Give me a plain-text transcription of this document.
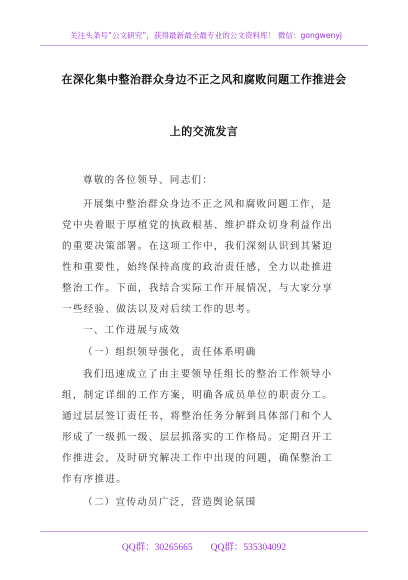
关注头条号“公文研究”，获得最新最全最专业的公文资料库！ 微信：gongwenyj
在深化集中整治群众身边不正之风和腐败问题工作推进会
上的交流发言
尊敬的各位领导、同志们：
开展集中整治群众身边不正之风和腐败问题工作，是
党中央着眼于厚植党的执政根基、维护群众切身利益作出
的重要决策部署。在这项工作中，我们深刻认识到其紧迫
性和重要性，始终保持高度的政治责任感，全力以赴推进
整治工作。下面，我结合实际工作开展情况，与大家分享
一些经验、做法以及对后续工作的思考。
一、工作进展与成效
（一）组织领导强化，责任体系明确
我们迅速成立了由主要领导任组长的整治工作领导小
组，制定详细的工作方案，明确各成员单位的职责分工。
通过层层签订责任书，将整治任务分解到具体部门和个人
形成了一级抓一级、层层抓落实的工作格局。定期召开工
作推进会，及时研究解决工作中出现的问题，确保整治工
作有序推进。
（二）宣传动员广泛，营造舆论氛围
QQ群：30265665 QQ群：535304092
